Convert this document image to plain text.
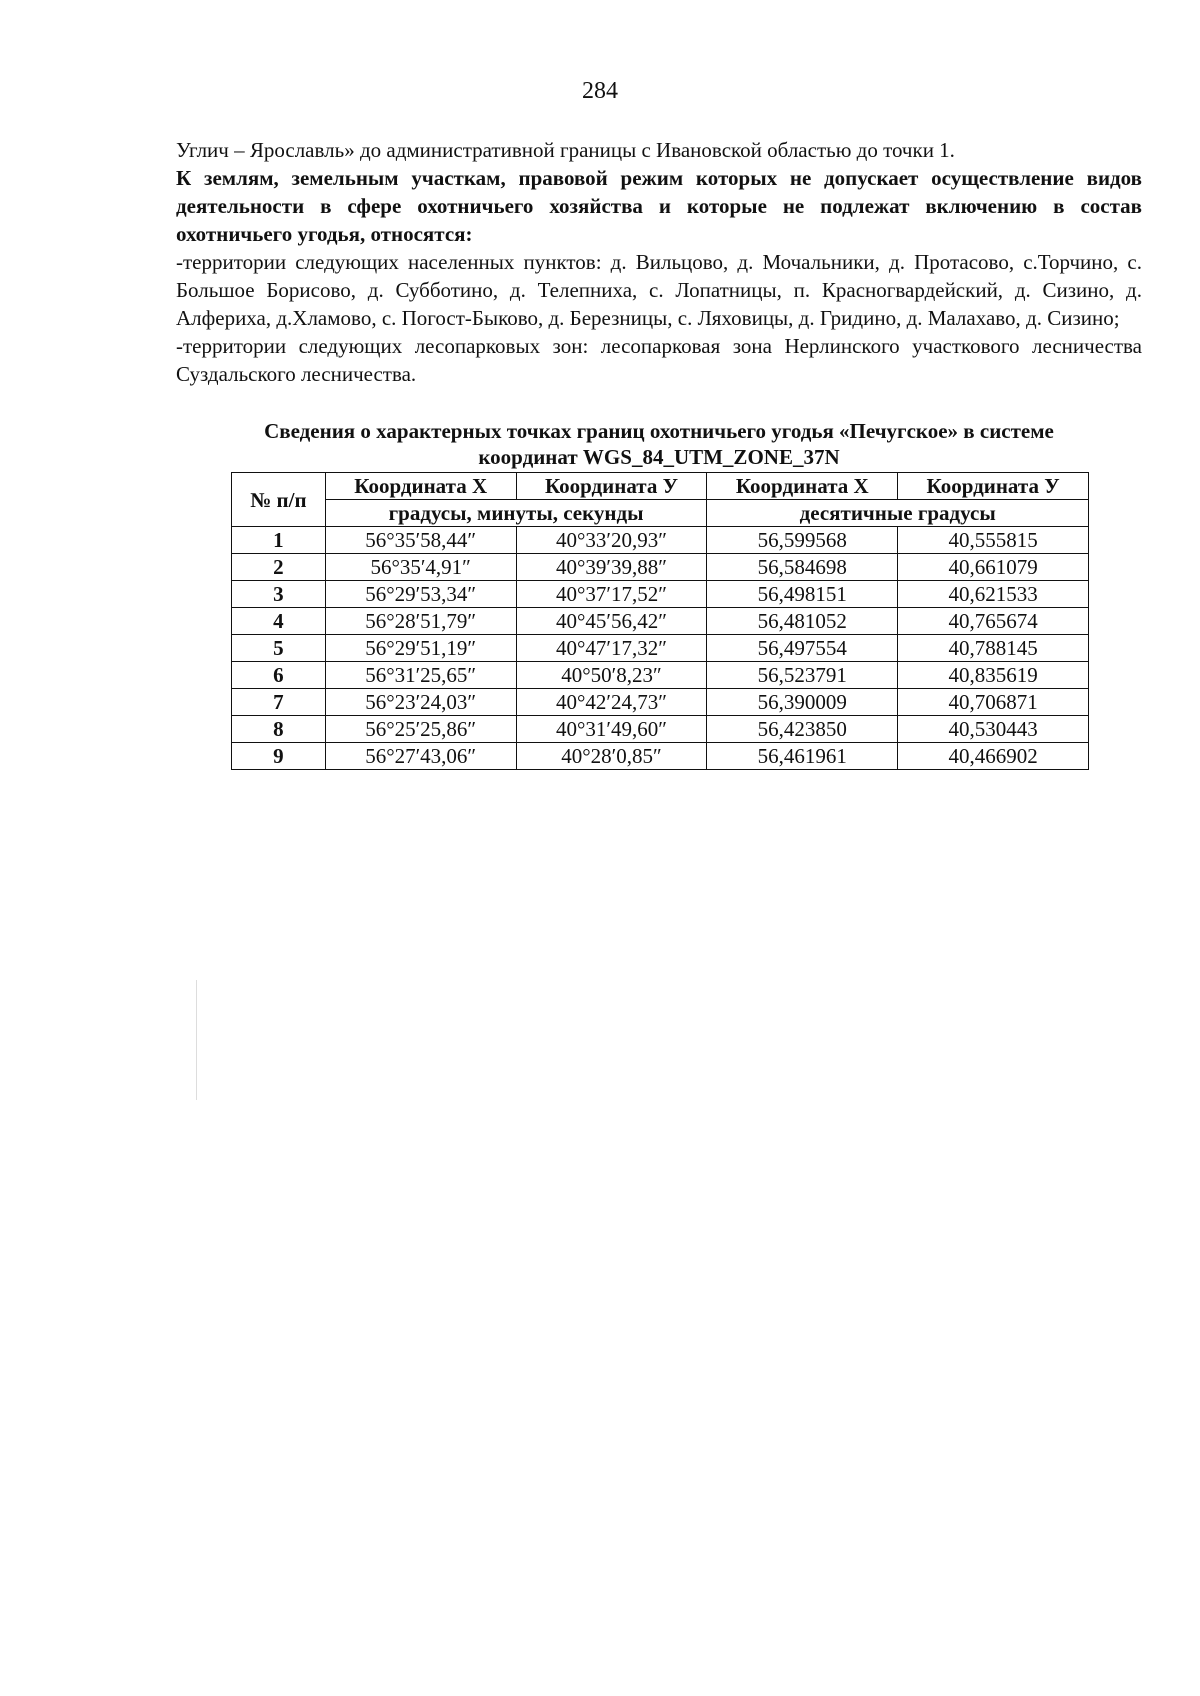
284

Углич – Ярославль» до административной границы с Ивановской областью до точки 1.

К землям, земельным участкам, правовой режим которых не допускает осуществление видов деятельности в сфере охотничьего хозяйства и которые не подлежат включению в состав охотничьего угодья, относятся:

-территории следующих населенных пунктов: д. Вильцово, д. Мочальники, д. Протасово, с.Торчино, с. Большое Борисово, д. Субботино, д. Телепниха, с. Лопатницы, п. Красногвардейский, д. Сизино, д. Алфериха, д.Хламово, с. Погост-Быково, д. Березницы, с. Ляховицы, д. Гридино, д. Малахаво, д. Сизино;

-территории следующих лесопарковых зон: лесопарковая зона Нерлинского участкового лесничества Суздальского лесничества.

Сведения о характерных точках границ охотничьего угодья «Печугское» в системе
координат WGS_84_UTM_ZONE_37N
№ п/п	Координата X	Координата У	Координата X	Координата У
	градусы, минуты, секунды		десятичные градусы	
1	56°35′58,44″	40°33′20,93″	56,599568	40,555815
2	56°35′4,91″	40°39′39,88″	56,584698	40,661079
3	56°29′53,34″	40°37′17,52″	56,498151	40,621533
4	56°28′51,79″	40°45′56,42″	56,481052	40,765674
5	56°29′51,19″	40°47′17,32″	56,497554	40,788145
6	56°31′25,65″	40°50′8,23″	56,523791	40,835619
7	56°23′24,03″	40°42′24,73″	56,390009	40,706871
8	56°25′25,86″	40°31′49,60″	56,423850	40,530443
9	56°27′43,06″	40°28′0,85″	56,461961	40,466902
